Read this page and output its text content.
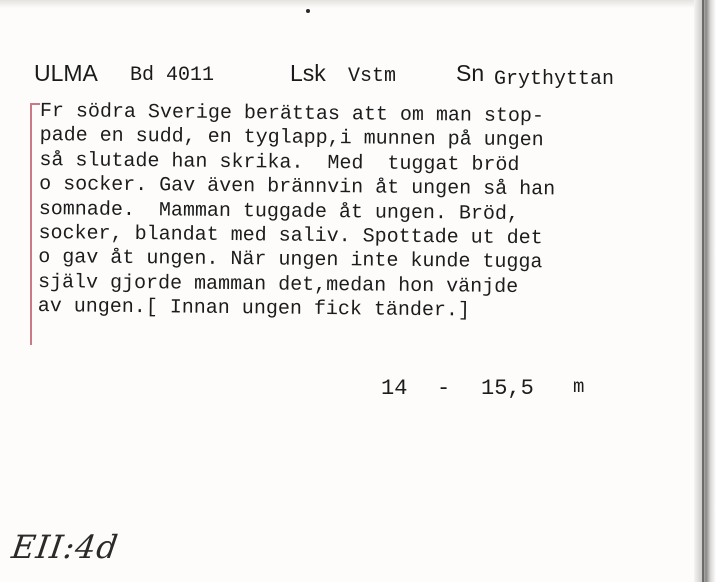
ULMA Bd 4011	Lsk Vstm	Sn Grythyttan
Fr södra Sverige berättas att om man stop-
pade en sudd, en tyglapp,i munnen på ungen
så slutade han skrika.  Med  tuggat bröd
o socker. Gav även brännvin åt ungen så han
somnade.  Mamman tuggade åt ungen. Bröd,
socker, blandat med saliv. Spottade ut det
o gav åt ungen. När ungen inte kunde tugga
själv gjorde mamman det,medan hon vänjde
av ungen.[ Innan ungen fick tänder.]

14

-

15,5

m

EII:4d
